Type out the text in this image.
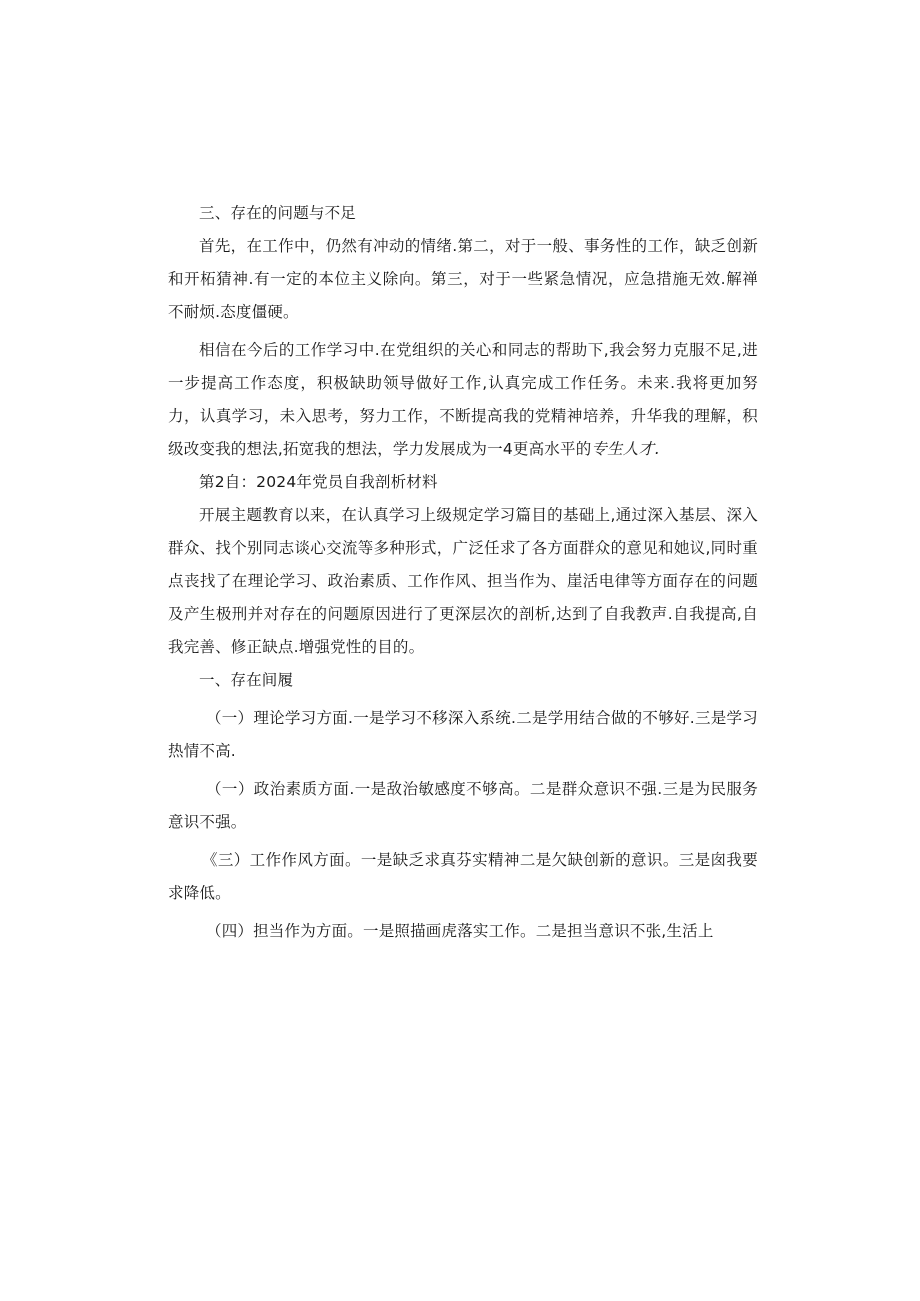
三、存在的问题与不足

首先，在工作中，仍然有冲动的情绪.第二，对于一般、事务性的工作，缺乏创新和开柘猜神.有一定的本位主义除向。第三，对于一些紧急情况，应急措施无效.解禅不耐烦.态度僵硬。

相信在今后的工作学习中.在党组织的关心和同志的帮助下,我会努力克服不足,进一步提高工作态度，积极缺助领导做好工作,认真完成工作任务。未来.我将更加努力，认真学习，未入思考，努力工作，不断提高我的党精神培养，升华我的理解，积级改变我的想法,拓宽我的想法，学力发展成为一4更高水平的专生人才.

第2自：2024年党员自我剖析材料

开展主题教育以来，在认真学习上级规定学习篇目的基础上,通过深入基层、深入群众、找个别同志谈心交流等多种形式，广泛任求了各方面群众的意见和她议,同时重点丧找了在理论学习、政治素质、工作作风、担当作为、崖活电律等方面存在的问题及产生极刑并对存在的问题原因进行了更深层次的剖析,达到了自我教声.自我提高,自我完善、修正缺点.增强党性的目的。

一、存在间履

（一）理论学习方面.一是学习不移深入系统.二是学用结合做的不够好.三是学习热情不高.

（一）政治素质方面.一是敌治敏感度不够高。二是群众意识不强.三是为民服务意识不强。

《三）工作作风方面。一是缺乏求真芬实精神二是欠缺创新的意识。三是囱我要求降低。

（四）担当作为方面。一是照描画虎落实工作。二是担当意识不张,生活上
